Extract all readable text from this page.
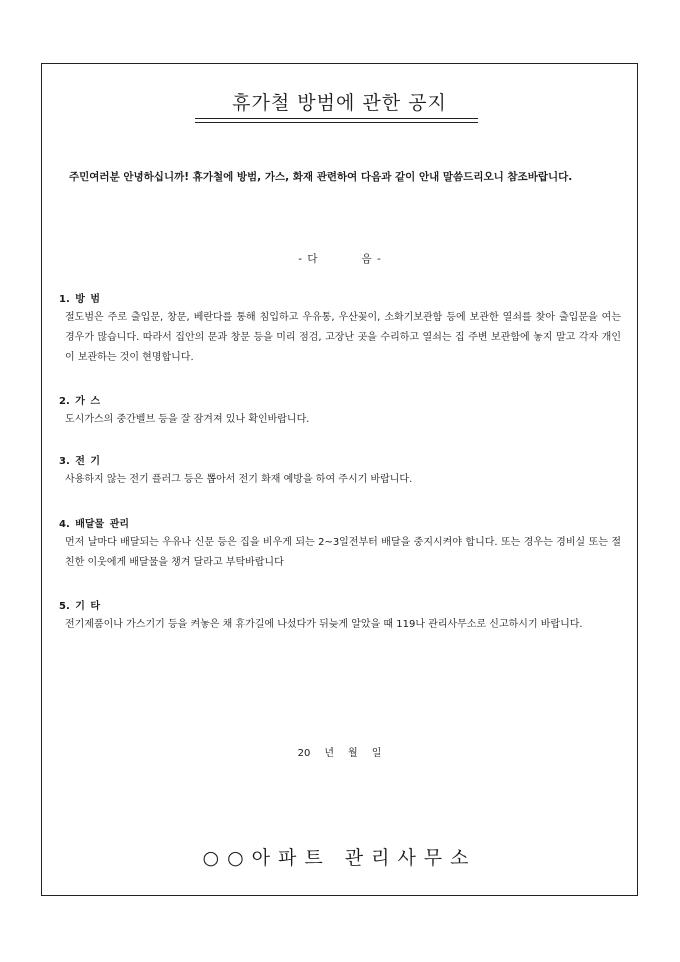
휴가철 방범에 관한 공지
주민여러분 안녕하십니까! 휴가철에 방범, 가스, 화재 관련하여 다음과 같이 안내 말씀드리오니 참조바랍니다.
- 다	음 -
1. 방 범
절도범은 주로 출입문, 창문, 베란다를 통해 침입하고 우유통, 우산꽂이, 소화기보관함 등에 보관한 열쇠를 찾아 출입문을 여는 경우가 많습니다. 따라서 집안의 문과 창문 등을 미리 점검, 고장난 곳을 수리하고 열쇠는 집 주변 보관함에 놓지 말고 각자 개인이 보관하는 것이 현명합니다.
2. 가 스
도시가스의 중간벨브 등을 잘 잠겨져 있나 확인바랍니다.
3. 전 기
사용하지 않는 전기 플러그 등은 뽑아서 전기 화재 예방을 하여 주시기 바랍니다.
4. 배달물 관리
먼저 날마다 배달되는 우유나 신문 등은 집을 비우게 되는 2~3일전부터 배달을 중지시켜야 합니다. 또는 경우는 경비실 또는 절친한 이웃에게 배달물을 챙겨 달라고 부탁바랍니다
5. 기 타
전기제품이나 가스기기 등을 켜놓은 채 휴가길에 나섰다가 뒤늦게 알았을 때 119나 관리사무소로 신고하시기 바랍니다.
20 년 월 일
○○아파트 관리사무소
